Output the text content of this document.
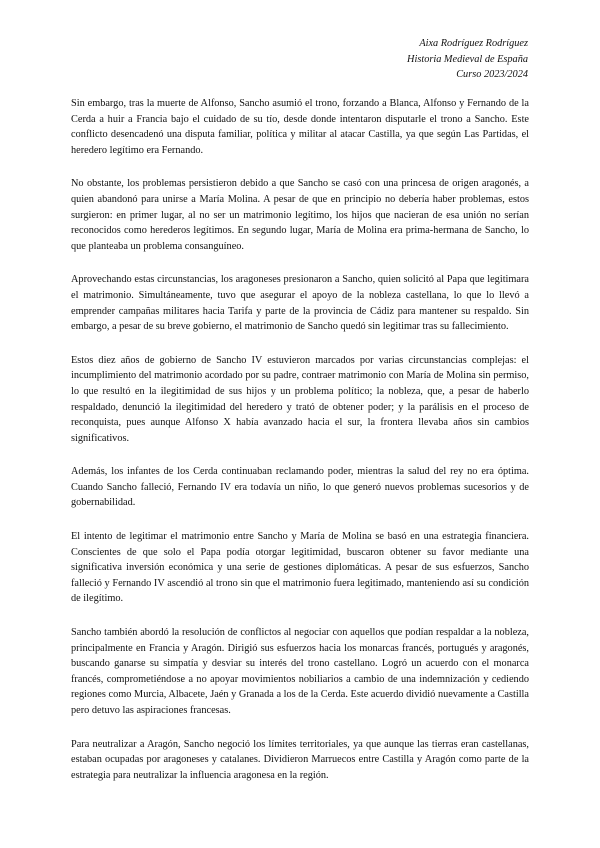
Aixa Rodríguez Rodríguez
Historia Medieval de España
Curso 2023/2024

Sin embargo, tras la muerte de Alfonso, Sancho asumió el trono, forzando a Blanca, Alfonso y Fernando de la Cerda a huir a Francia bajo el cuidado de su tío, desde donde intentaron disputarle el trono a Sancho. Este conflicto desencadenó una disputa familiar, política y militar al atacar Castilla, ya que según Las Partidas, el heredero legítimo era Fernando.

No obstante, los problemas persistieron debido a que Sancho se casó con una princesa de origen aragonés, a quien abandonó para unirse a María Molina. A pesar de que en principio no debería haber problemas, estos surgieron: en primer lugar, al no ser un matrimonio legítimo, los hijos que nacieran de esa unión no serían reconocidos como herederos legítimos. En segundo lugar, María de Molina era prima-hermana de Sancho, lo que planteaba un problema consanguíneo.

Aprovechando estas circunstancias, los aragoneses presionaron a Sancho, quien solicitó al Papa que legitimara el matrimonio. Simultáneamente, tuvo que asegurar el apoyo de la nobleza castellana, lo que lo llevó a emprender campañas militares hacia Tarifa y parte de la provincia de Cádiz para mantener su respaldo. Sin embargo, a pesar de su breve gobierno, el matrimonio de Sancho quedó sin legitimar tras su fallecimiento.

Estos diez años de gobierno de Sancho IV estuvieron marcados por varias circunstancias complejas: el incumplimiento del matrimonio acordado por su padre, contraer matrimonio con María de Molina sin permiso, lo que resultó en la ilegitimidad de sus hijos y un problema político; la nobleza, que, a pesar de haberlo respaldado, denunció la ilegitimidad del heredero y trató de obtener poder; y la parálisis en el proceso de reconquista, pues aunque Alfonso X había avanzado hacia el sur, la frontera llevaba años sin cambios significativos.

Además, los infantes de los Cerda continuaban reclamando poder, mientras la salud del rey no era óptima. Cuando Sancho falleció, Fernando IV era todavía un niño, lo que generó nuevos problemas sucesorios y de gobernabilidad.

El intento de legitimar el matrimonio entre Sancho y María de Molina se basó en una estrategia financiera. Conscientes de que solo el Papa podía otorgar legitimidad, buscaron obtener su favor mediante una significativa inversión económica y una serie de gestiones diplomáticas. A pesar de sus esfuerzos, Sancho falleció y Fernando IV ascendió al trono sin que el matrimonio fuera legitimado, manteniendo así su condición de ilegítimo.

Sancho también abordó la resolución de conflictos al negociar con aquellos que podían respaldar a la nobleza, principalmente en Francia y Aragón. Dirigió sus esfuerzos hacia los monarcas francés, portugués y aragonés, buscando ganarse su simpatía y desviar su interés del trono castellano. Logró un acuerdo con el monarca francés, comprometiéndose a no apoyar movimientos nobiliarios a cambio de una indemnización y cediendo regiones como Murcia, Albacete, Jaén y Granada a los de la Cerda. Este acuerdo dividió nuevamente a Castilla pero detuvo las aspiraciones francesas.

Para neutralizar a Aragón, Sancho negoció los límites territoriales, ya que aunque las tierras eran castellanas, estaban ocupadas por aragoneses y catalanes. Dividieron Marruecos entre Castilla y Aragón como parte de la estrategia para neutralizar la influencia aragonesa en la región.
